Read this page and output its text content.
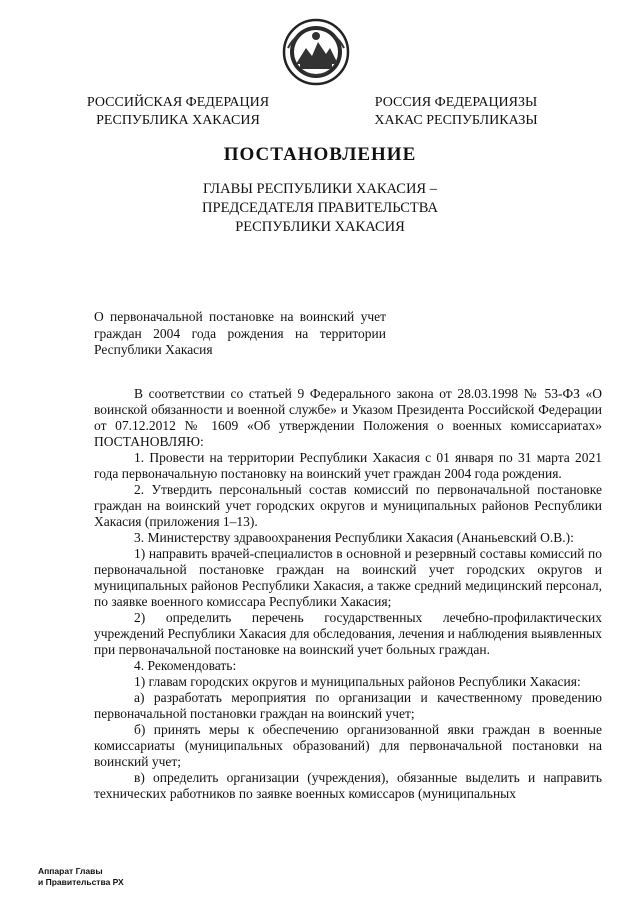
РОССИЙСКАЯ ФЕДЕРАЦИЯ
РЕСПУБЛИКА ХАКАСИЯ
РОССИЯ ФЕДЕРАЦИЯЗЫ
ХАКАС РЕСПУБЛИКАЗЫ
ПОСТАНОВЛЕНИЕ
ГЛАВЫ РЕСПУБЛИКИ ХАКАСИЯ –
ПРЕДСЕДАТЕЛЯ ПРАВИТЕЛЬСТВА
РЕСПУБЛИКИ ХАКАСИЯ
О первоначальной постановке на воинский учет граждан 2004 года рождения на территории Республики Хакасия

В соответствии со статьей 9 Федерального закона от 28.03.1998 № 53-ФЗ «О воинской обязанности и военной службе» и Указом Президента Российской Федерации от 07.12.2012 № 1609 «Об утверждении Положения о военных комиссариатах» ПОСТАНОВЛЯЮ:

1. Провести на территории Республики Хакасия с 01 января по 31 марта 2021 года первоначальную постановку на воинский учет граждан 2004 года рождения.

2. Утвердить персональный состав комиссий по первоначальной постановке граждан на воинский учет городских округов и муниципальных районов Республики Хакасия (приложения 1–13).

3. Министерству здравоохранения Республики Хакасия (Ананьевский О.В.):

1) направить врачей-специалистов в основной и резервный составы комиссий по первоначальной постановке граждан на воинский учет городских округов и муниципальных районов Республики Хакасия, а также средний медицинский персонал, по заявке военного комиссара Республики Хакасия;

2) определить перечень государственных лечебно-профилактических учреждений Республики Хакасия для обследования, лечения и наблюдения выявленных при первоначальной постановке на воинский учет больных граждан.

4. Рекомендовать:

1) главам городских округов и муниципальных районов Республики Хакасия:

а) разработать мероприятия по организации и качественному проведению первоначальной постановки граждан на воинский учет;

б) принять меры к обеспечению организованной явки граждан в военные комиссариаты (муниципальных образований) для первоначальной постановки на воинский учет;

в) определить организации (учреждения), обязанные выделить и направить технических работников по заявке военных комиссаров (муниципальных

Аппарат Главы
и Правительства РХ
